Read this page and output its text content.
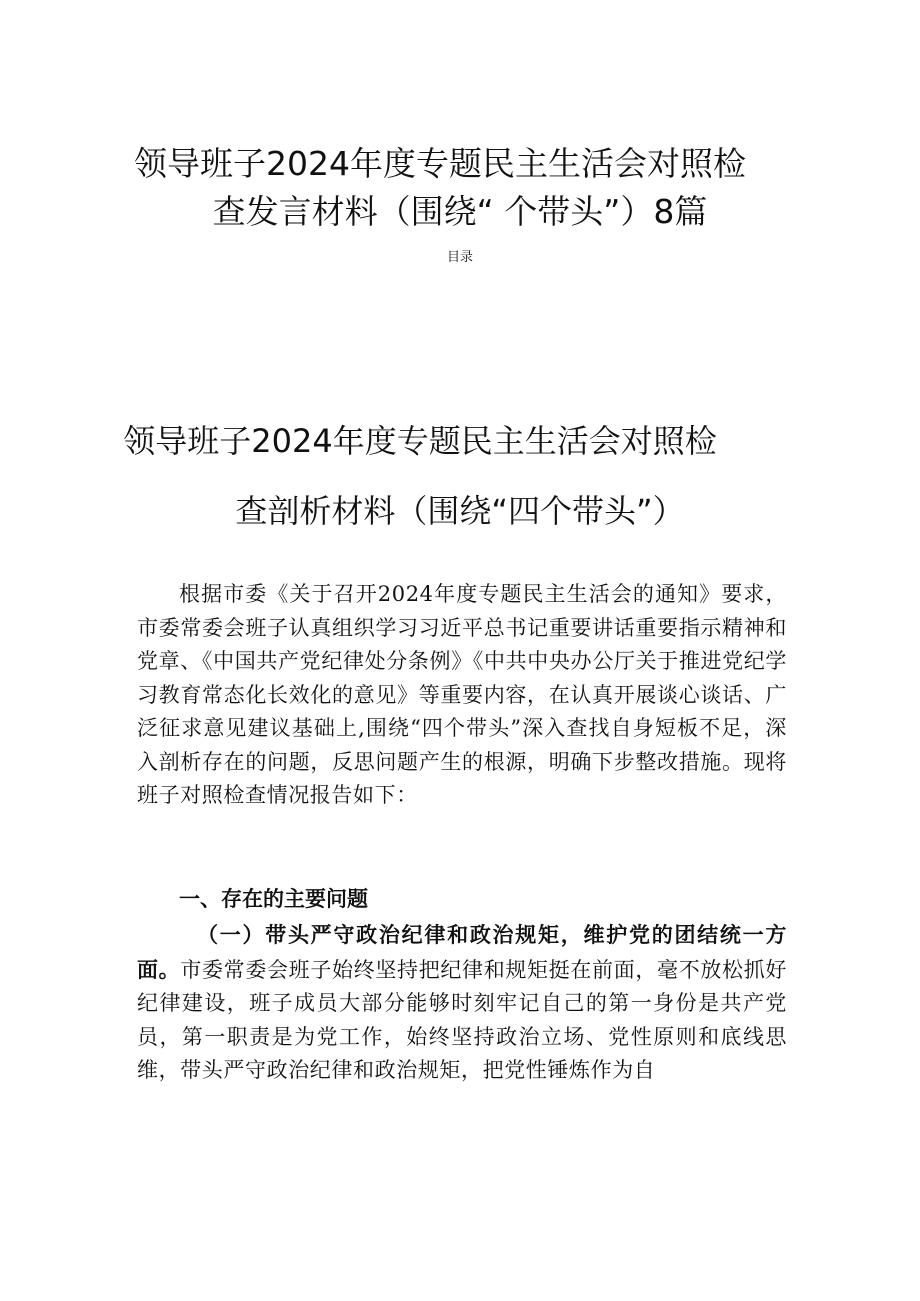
领导班子2024年度专题民主生活会对照检
查发言材料（围绕“ 个带头”）8篇
目录
领导班子2024年度专题民主生活会对照检
查剖析材料（围绕“四个带头”）

根据市委《关于召开2024年度专题民主生活会的通知》要求，市委常委会班子认真组织学习习近平总书记重要讲话重要指示精神和党章、《中国共产党纪律处分条例》《中共中央办公厅关于推进党纪学习教育常态化长效化的意见》等重要内容，在认真开展谈心谈话、广泛征求意见建议基础上,围绕“四个带头”深入查找自身短板不足，深入剖析存在的问题，反思问题产生的根源，明确下步整改措施。现将班子对照检查情况报告如下：

一、存在的主要问题

（一）带头严守政治纪律和政治规矩，维护党的团结统一方面。市委常委会班子始终坚持把纪律和规矩挺在前面，毫不放松抓好纪律建设，班子成员大部分能够时刻牢记自己的第一身份是共产党员，第一职责是为党工作，始终坚持政治立场、党性原则和底线思维，带头严守政治纪律和政治规矩，把党性锤炼作为自
